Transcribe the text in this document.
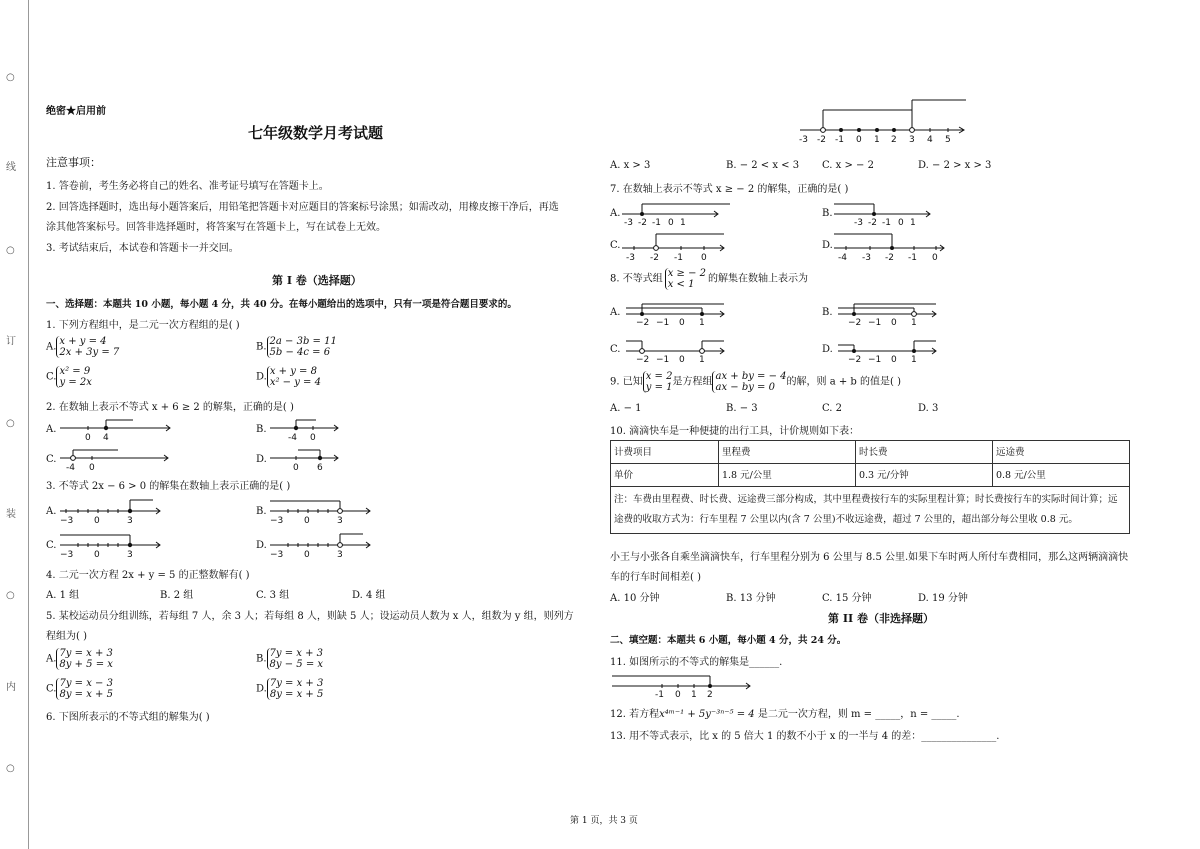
○
线
○
订
○
装
○
内
○
绝密★启用前
七年级数学月考试题
注意事项：
1. 答卷前，考生务必将自己的姓名、准考证号填写在答题卡上。
2. 回答选择题时，选出每小题答案后，用铅笔把答题卡对应题目的答案标号涂黑；如需改动，用橡皮擦干净后，再选
涂其他答案标号。回答非选择题时，将答案写在答题卡上，写在试卷上无效。
3. 考试结束后，本试卷和答题卡一并交回。
第 I 卷（选择题）
一、选择题：本题共 10 小题，每小题 4 分，共 40 分。在每小题给出的选项中，只有一项是符合题目要求的。
1. 下列方程组中，是二元一次方程组的是( )
A. x + y = 4
2x + 3y = 7	B. 2a − 3b = 11
5b − 4c = 6
C. x² = 9
y = 2x	D. x + y = 8
x² − y = 4
2. 在数轴上表示不等式 x + 6 ≥ 2 的解集，正确的是( )
A.
0 4
B.
-4 0
C.
-4 0
D.
0 6
3. 不等式 2x − 6 > 0 的解集在数轴上表示正确的是( )
A.
−3 0	3
B.
−3 0	3
C.
−3 0	3
D.
−3 0	3
4. 二元一次方程 2x + y = 5 的正整数解有( )
A. 1 组	B. 2 组	C. 3 组	D. 4 组
5. 某校运动员分组训练，若每组 7 人，余 3 人；若每组 8 人，则缺 5 人；设运动员人数为 x 人，组数为 y 组，则列方
程组为( )
A. 7y = x + 3
8y + 5 = x	B. 7y = x + 3
8y − 5 = x
C. 7y = x − 3
8y = x + 5	D. 7y = x + 3
8y = x + 5
6. 下图所表示的不等式组的解集为( )
-3 -2 -1 0 1 2 3 4 5
A. x > 3	B. − 2 < x < 3 C. x > − 2	D. − 2 > x > 3
7. 在数轴上表示不等式 x ≥ − 2 的解集，正确的是( )
A.
-3 -2 -1 0 1
B.
-3 -2 -1 0 1
C.
-3 -2 -1 0
D.
-4 -3 -2 -1 0
8. 不等式组 x ≥ − 2
x < 1 的解集在数轴上表示为
A.
−2 −1 0 1
B.
−2 −1 0 1
C.
−2 −1 0 1
D.
−2 −1 0 1
9. 已知 x = 2
y = 1是方程组 ax + by = − 4
ax − by = 0 的解，则 a + b 的值是( )
A. − 1	B. − 3	C. 2	D. 3
10. 滴滴快车是一种便捷的出行工具，计价规则如下表：
计费项目	里程费	时长费	远途费
单价	1.8 元/公里	0.3 元/分钟	0.8 元/公里
注：车费由里程费、时长费、远途费三部分构成，其中里程费按行车的实际里程计算；时长费按行车的实际时间计算；远途费的收取方式为：行车里程 7 公里以内(含 7 公里)不收远途费，超过 7 公里的，超出部分每公里收 0.8 元。			
小王与小张各自乘坐滴滴快车，行车里程分别为 6 公里与 8.5 公里.如果下车时两人所付车费相同，那么这两辆滴滴快
车的行车时间相差( )
A. 10 分钟	B. 13 分钟	C. 15 分钟	D. 19 分钟
第 II 卷（非选择题）
二、填空题：本题共 6 小题，每小题 4 分，共 24 分。
11. 如图所示的不等式的解集是______.
-1 0 1 2
12. 若方程x⁴ᵐ⁻¹ + 5y⁻³ⁿ⁻⁵ = 4 是二元一次方程，则 m = _____，n = _____.
13. 用不等式表示，比 x 的 5 倍大 1 的数不小于 x 的一半与 4 的差：_______________.
第 1 页，共 3 页
